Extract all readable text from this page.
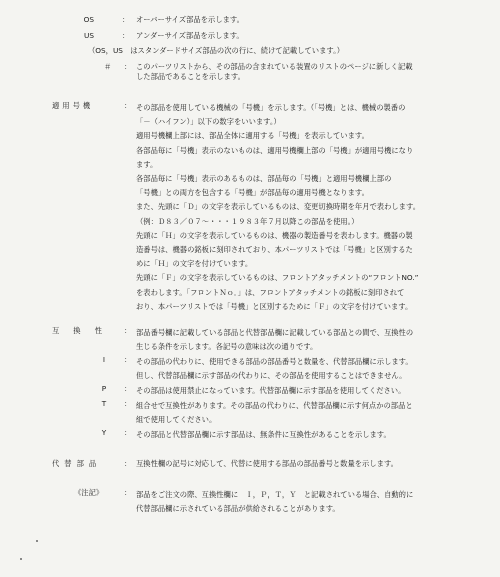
OS	： オーバーサイズ部品を示します。
US	： アンダーサイズ部品を示します。
（OS，US　はスタンダードサイズ部品の次の行に、続けて記載しています。）
＃ ： このパーツリストから、その部品の含まれている装置のリストのページに新しく記載

した部品であることを示します。

適用号機	： その部品を使用している機械の「号機」を示します。（「号機」とは、機械の製番の

「－（ハイフン）」以下の数字をいいます。）

適用号機欄上部には、部品全体に適用する「号機」を表示しています。

各部品毎に「号機」表示のないものは、適用号機欄上部の「号機」が適用号機になり

ます。

各部品毎に「号機」表示のあるものは、部品毎の「号機」と適用号機欄上部の

「号機」との両方を包含する「号機」が部品毎の適用号機となります。

また、先頭に「Ｄ」の文字を表示しているものは、変更切換時期を年月で表わします。

（例：Ｄ８３／０７～・・・１９８３年７月以降この部品を使用。）

先頭に「Ｈ」の文字を表示しているものは、機器の製造番号を表わします。機器の製

造番号は、機器の銘板に刻印されており、本パーツリストでは「号機」と区別するた

めに「Ｈ」の文字を付けています。

先頭に「Ｆ」の文字を表示しているものは、フロントアタッチメントの“フロントNO.”

を表わします。「フロントＮｏ．」は、フロントアタッチメントの銘板に刻印されて

おり、本パーツリストでは「号機」と区別するために「Ｆ」の文字を付けています。

互換性 ： 部品番号欄に記載している部品と代替部品欄に記載している部品との間で、互換性の

生じる条件を示します。各記号の意味は次の通りです。

I	： その部品の代わりに、使用できる部品の部品番号と数量を、代替部品欄に示します。

但し、代替部品欄に示す部品の代わりに、その部品を使用することはできません。

P ： その部品は使用禁止になっています。代替部品欄に示す部品を使用してください。

T ： 組合せで互換性があります。その部品の代わりに、代替部品欄に示す何点かの部品と

組で使用してください。

Y ： その部品と代替部品欄に示す部品は、無条件に互換性があることを示します。

代替部品	： 互換性欄の記号に対応して、代替に使用する部品の部品番号と数量を示します。

《注記》	： 部品をご注文の際、互換性欄に　Ｉ，Ｐ，Ｔ，Ｙ　と記載されている場合、自動的に

代替部品欄に示されている部品が供給されることがあります。
